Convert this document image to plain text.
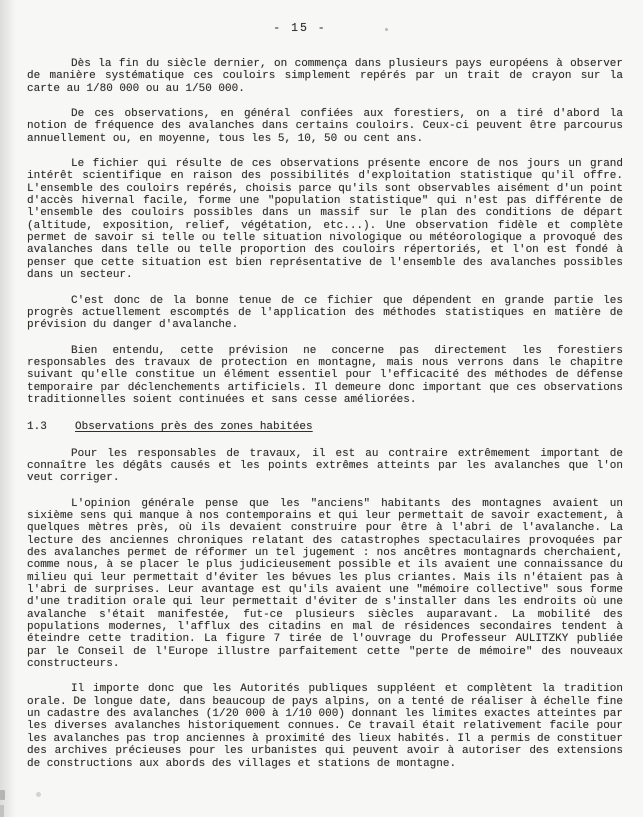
- 15 -

Dès la fin du siècle dernier, on commença dans plusieurs pays européens à observer de manière systématique ces couloirs simplement repérés par un trait de crayon sur la carte au 1/80 000 ou au 1/50 000.

De ces observations, en général confiées aux forestiers, on a tiré d'abord la notion de fréquence des avalanches dans certains couloirs. Ceux-ci peuvent être parcourus annuellement ou, en moyenne, tous les 5, 10, 50 ou cent ans.

Le fichier qui résulte de ces observations présente encore de nos jours un grand intérêt scientifique en raison des possibilités d'exploitation statistique qu'il offre. L'ensemble des couloirs repérés, choisis parce qu'ils sont observables aisément d'un point d'accès hivernal facile, forme une "population statistique" qui n'est pas différente de l'ensemble des couloirs possibles dans un massif sur le plan des conditions de départ (altitude, exposition, relief, végétation, etc...). Une observation fidèle et complète permet de savoir si telle ou telle situation nivologique ou météorologique a provoqué des avalanches dans telle ou telle proportion des couloirs répertoriés, et l'on est fondé à penser que cette situation est bien représentative de l'ensemble des avalanches possibles dans un secteur.

C'est donc de la bonne tenue de ce fichier que dépendent en grande partie les progrès actuellement escomptés de l'application des méthodes statistiques en matière de prévision du danger d'avalanche.

Bien entendu, cette prévision ne concerne pas directement les forestiers responsables des travaux de protection en montagne, mais nous verrons dans le chapitre suivant qu'elle constitue un élément essentiel pour l'efficacité des méthodes de défense temporaire par déclenchements artificiels. Il demeure donc important que ces observations traditionnelles soient continuées et sans cesse améliorées.

1.3	Observations près des zones habitées

Pour les responsables de travaux, il est au contraire extrêmement important de connaître les dégâts causés et les points extrêmes atteints par les avalanches que l'on veut corriger.

L'opinion générale pense que les "anciens" habitants des montagnes avaient un sixième sens qui manque à nos contemporains et qui leur permettait de savoir exactement, à quelques mètres près, où ils devaient construire pour être à l'abri de l'avalanche. La lecture des anciennes chroniques relatant des catastrophes spectaculaires provoquées par des avalanches permet de réformer un tel jugement : nos ancêtres montagnards cherchaient, comme nous, à se placer le plus judicieusement possible et ils avaient une connaissance du milieu qui leur permettait d'éviter les bévues les plus criantes. Mais ils n'étaient pas à l'abri de surprises. Leur avantage est qu'ils avaient une "mémoire collective" sous forme d'une tradition orale qui leur permettait d'éviter de s'installer dans les endroits où une avalanche s'était manifestée, fut-ce plusieurs siècles auparavant. La mobilité des populations modernes, l'afflux des citadins en mal de résidences secondaires tendent à éteindre cette tradition. La figure 7 tirée de l'ouvrage du Professeur AULITZKY publiée par le Conseil de l'Europe illustre parfaitement cette "perte de mémoire" des nouveaux constructeurs.

Il importe donc que les Autorités publiques suppléent et complètent la tradition orale. De longue date, dans beaucoup de pays alpins, on a tenté de réaliser à échelle fine un cadastre des avalanches (1/20 000 à 1/10 000) donnant les limites exactes atteintes par les diverses avalanches historiquement connues. Ce travail était relativement facile pour les avalanches pas trop anciennes à proximité des lieux habités. Il a permis de constituer des archives précieuses pour les urbanistes qui peuvent avoir à autoriser des extensions de constructions aux abords des villages et stations de montagne.
